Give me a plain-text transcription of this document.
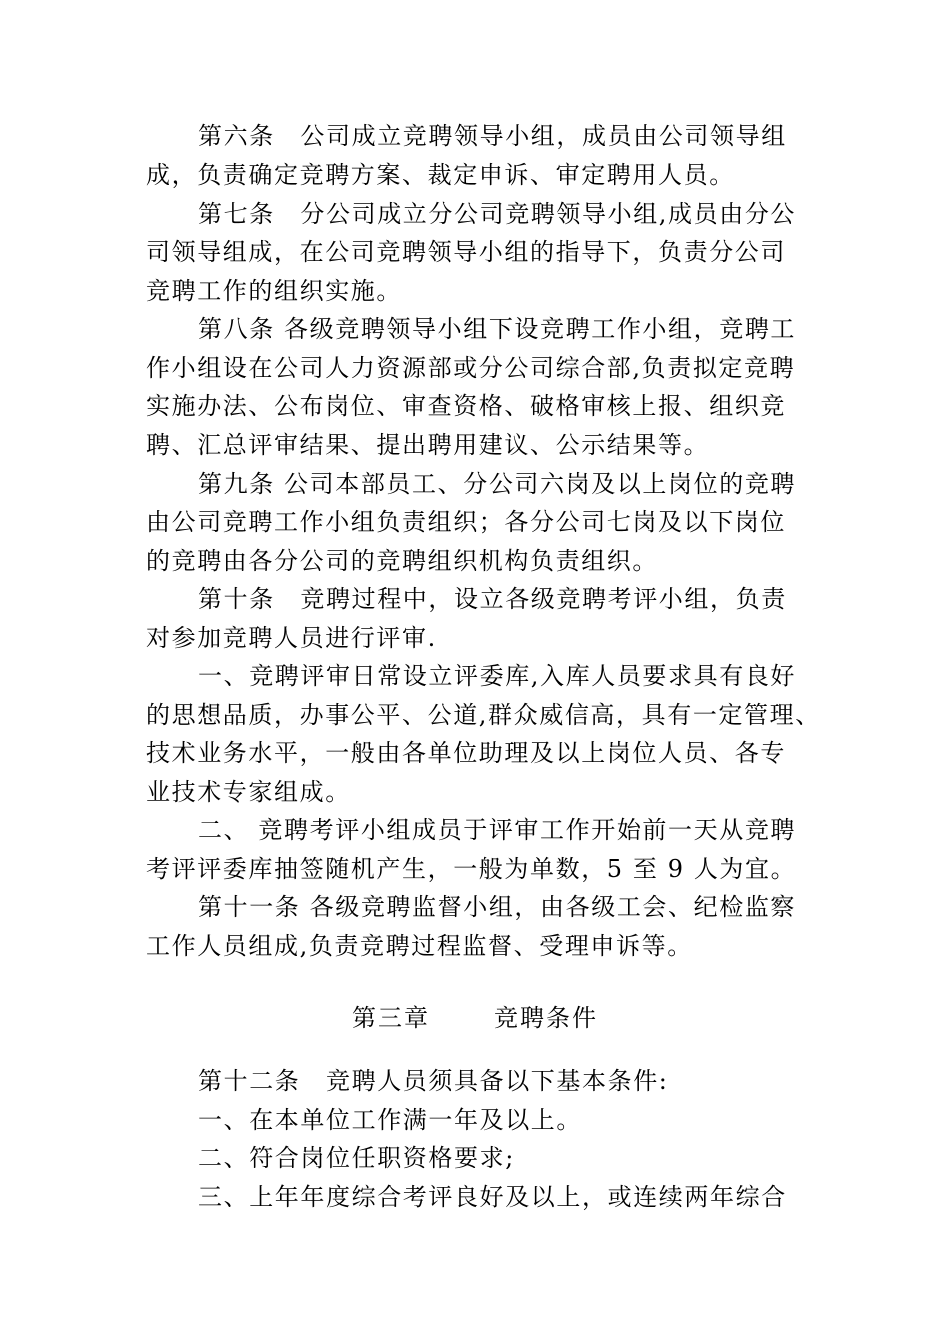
第六条　公司成立竞聘领导小组，成员由公司领导组
成，负责确定竞聘方案、裁定申诉、审定聘用人员。
第七条　分公司成立分公司竞聘领导小组,成员由分公
司领导组成，在公司竞聘领导小组的指导下，负责分公司
竞聘工作的组织实施。
第八条 各级竞聘领导小组下设竞聘工作小组，竞聘工
作小组设在公司人力资源部或分公司综合部,负责拟定竞聘
实施办法、公布岗位、审查资格、破格审核上报、组织竞
聘、汇总评审结果、提出聘用建议、公示结果等。
第九条 公司本部员工、分公司六岗及以上岗位的竞聘
由公司竞聘工作小组负责组织；各分公司七岗及以下岗位
的竞聘由各分公司的竞聘组织机构负责组织。
第十条　竞聘过程中，设立各级竞聘考评小组，负责
对参加竞聘人员进行评审.
一、竞聘评审日常设立评委库,入库人员要求具有良好
的思想品质，办事公平、公道,群众威信高，具有一定管理、
技术业务水平，一般由各单位助理及以上岗位人员、各专
业技术专家组成。
二、 竞聘考评小组成员于评审工作开始前一天从竞聘
考评评委库抽签随机产生，一般为单数，5 至 9 人为宜。
第十一条 各级竞聘监督小组，由各级工会、纪检监察
工作人员组成,负责竞聘过程监督、受理申诉等。
第三章	竞聘条件
第十二条　竞聘人员须具备以下基本条件:
一、在本单位工作满一年及以上。
二、符合岗位任职资格要求;
三、上年年度综合考评良好及以上，或连续两年综合
